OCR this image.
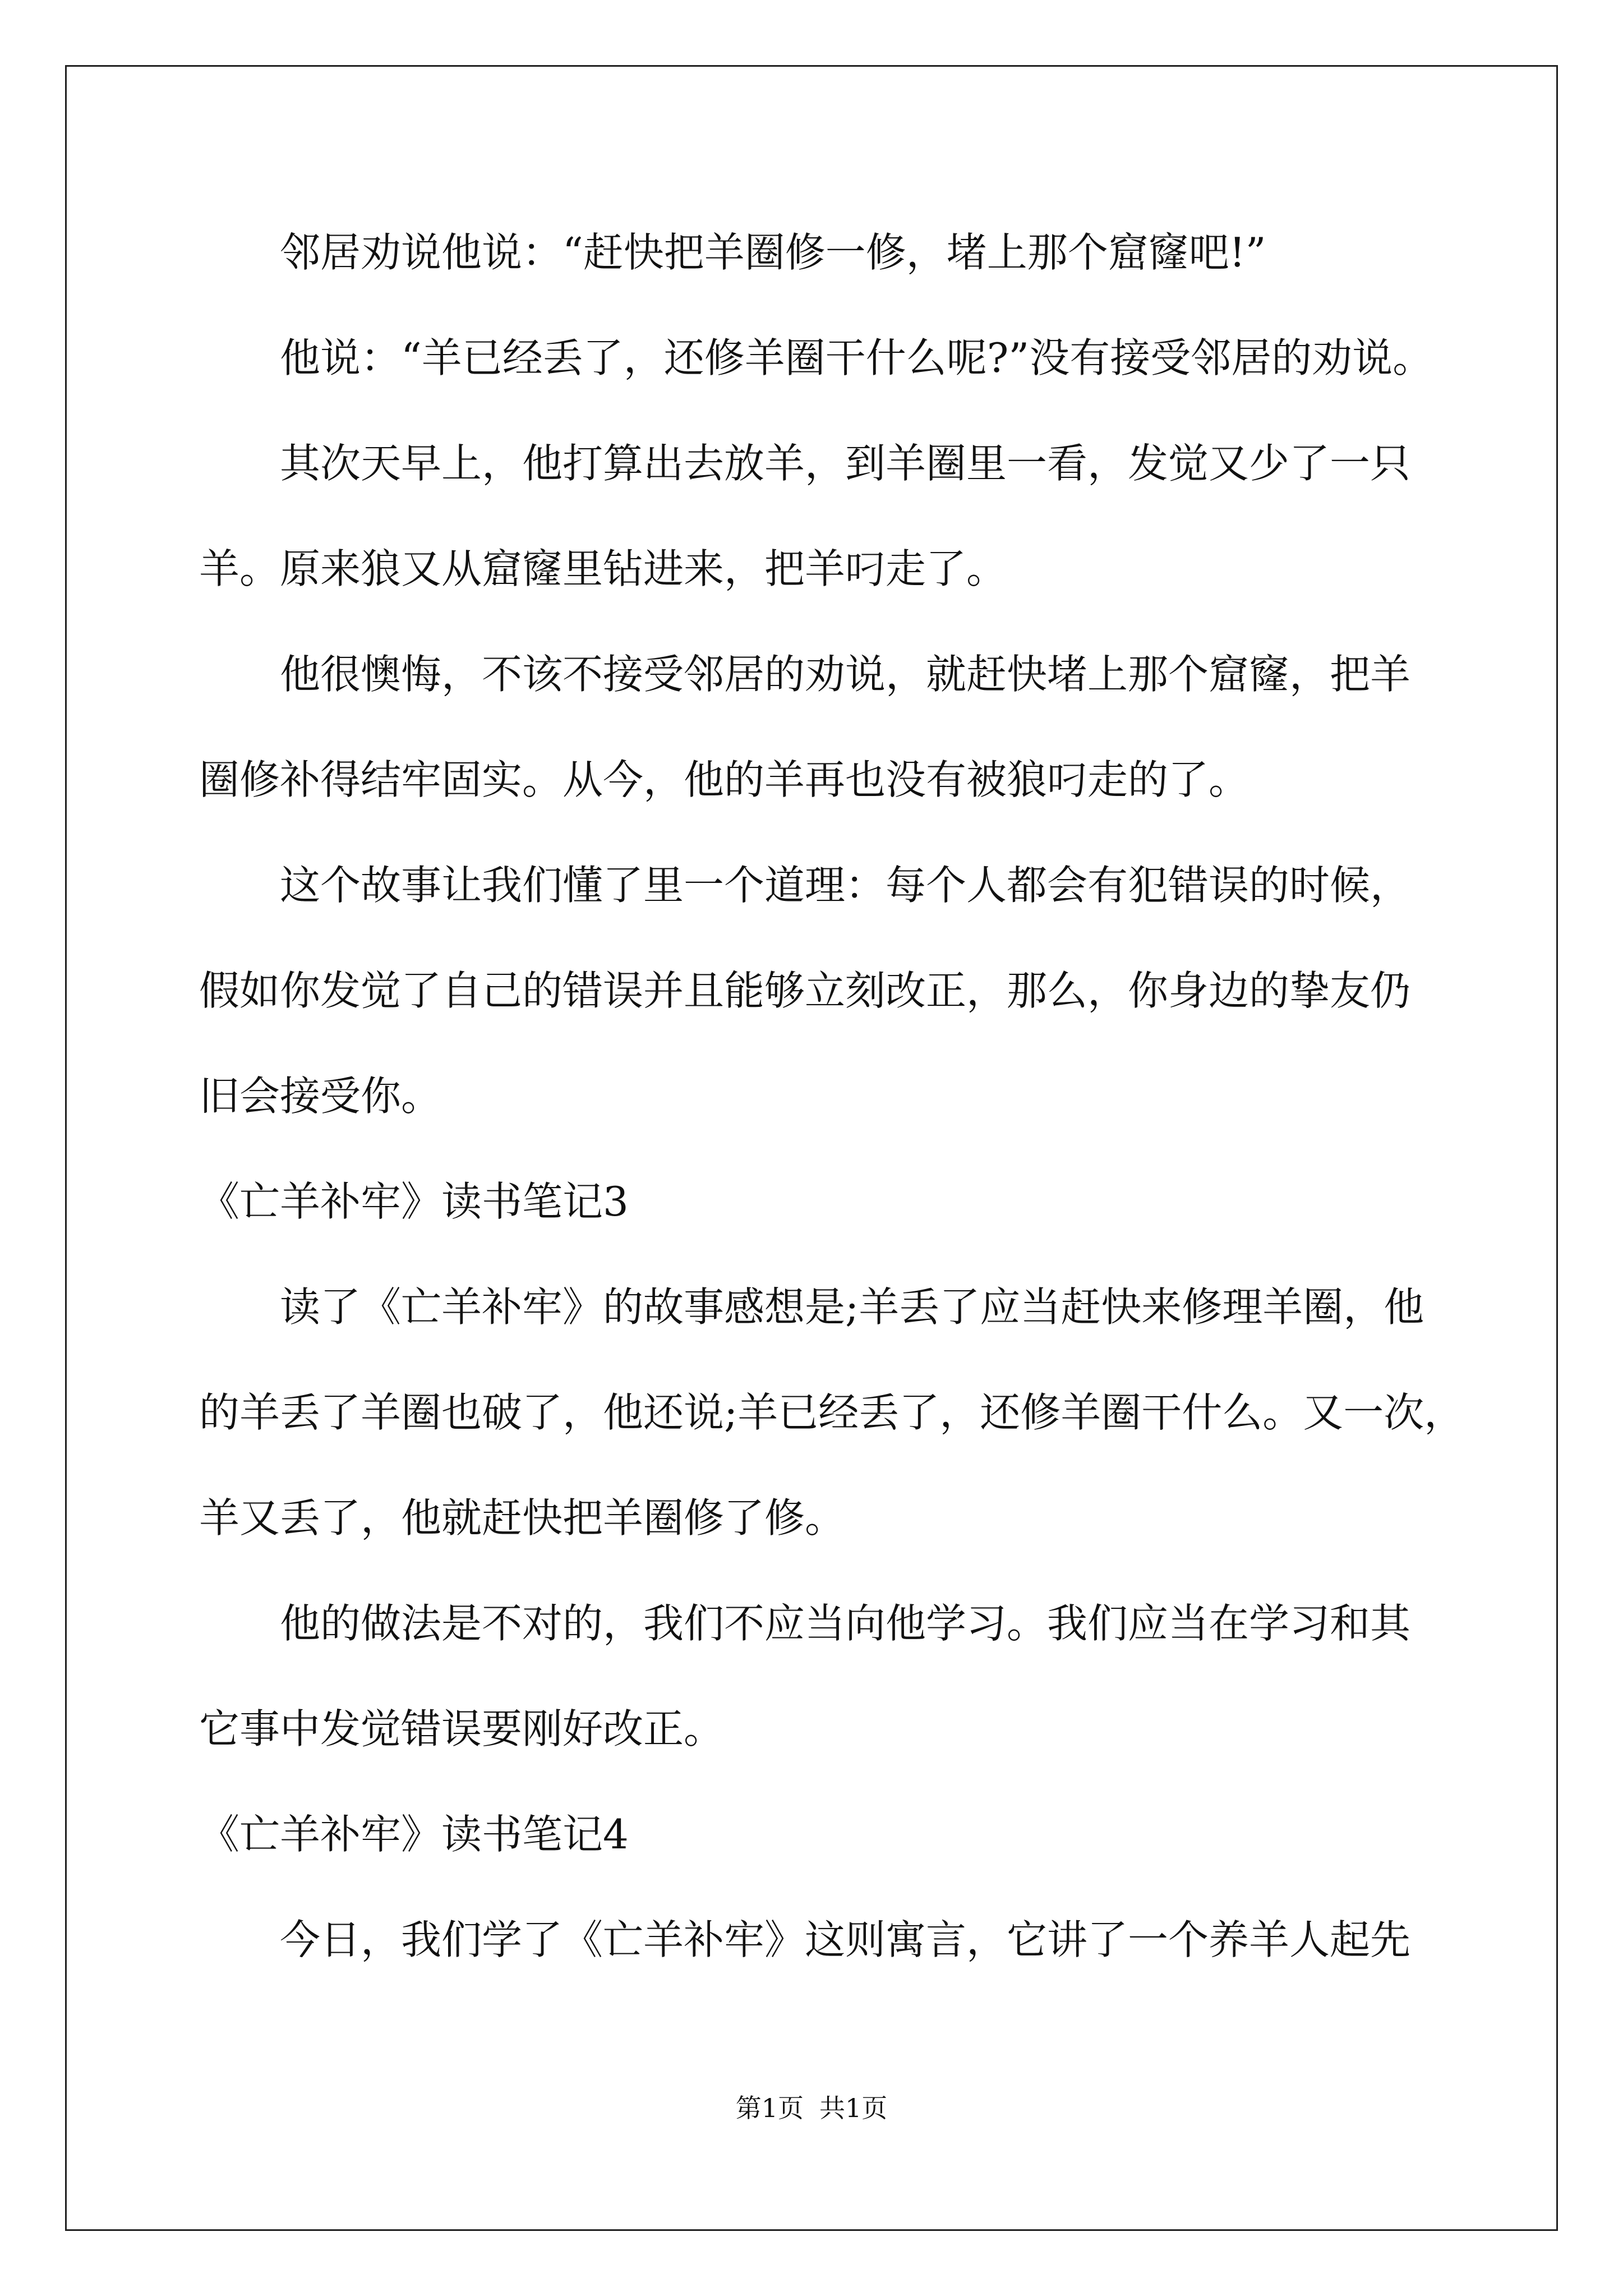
邻居劝说他说：“赶快把羊圈修一修，堵上那个窟窿吧!”
他说：“羊已经丢了，还修羊圈干什么呢?”没有接受邻居的劝说。
其次天早上，他打算出去放羊，到羊圈里一看，发觉又少了一只
羊。原来狼又从窟窿里钻进来，把羊叼走了。
他很懊悔，不该不接受邻居的劝说，就赶快堵上那个窟窿，把羊
圈修补得结牢固实。从今，他的羊再也没有被狼叼走的了。
这个故事让我们懂了里一个道理：每个人都会有犯错误的时候，
假如你发觉了自己的错误并且能够立刻改正，那么，你身边的挚友仍
旧会接受你。
《亡羊补牢》读书笔记3
读了《亡羊补牢》的故事感想是;羊丢了应当赶快来修理羊圈，他
的羊丢了羊圈也破了，他还说;羊已经丢了，还修羊圈干什么。又一次，
羊又丢了，他就赶快把羊圈修了修。
他的做法是不对的，我们不应当向他学习。我们应当在学习和其
它事中发觉错误要刚好改正。
《亡羊补牢》读书笔记4
今日，我们学了《亡羊补牢》这则寓言，它讲了一个养羊人起先
第1页 共1页
